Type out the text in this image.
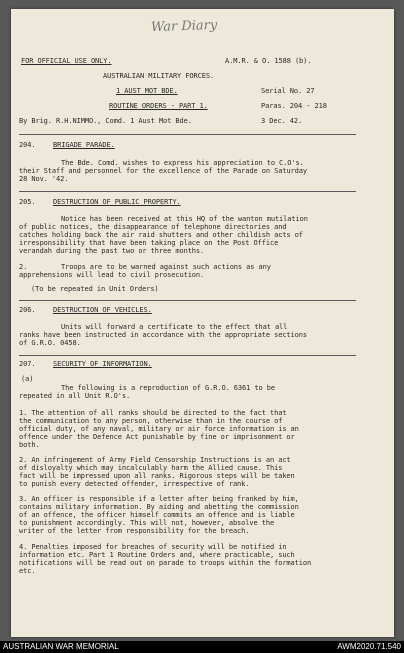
War Diary
FOR OFFICIAL USE ONLY.	A.M.R. & O. 1588 (b).
AUSTRALIAN MILITARY FORCES.
1 AUST MOT BDE.	Serial No. 27
ROUTINE ORDERS - PART 1.	Paras. 204 - 218
By Brig. R.H.NIMMO., Comd. 1 Aust Mot Bde.	3 Dec. 42.
204.	BRIGADE PARADE.
The Bde. Comd. wishes to express his appreciation to C.O's.
their Staff and personnel for the excellence of the Parade on Saturday
28 Nov. '42.
205.	DESTRUCTION OF PUBLIC PROPERTY.
Notice has been received at this HQ of the wanton mutilation
of public notices, the disappearance of telephone directories and
catches holding back the air raid shutters and other childish acts of
irresponsibility that have been taking place on the Post Office
verandah during the past two or three months.
2.	Troops are to be warned against such actions as any
apprehensions will lead to civil prosecution.
(To be repeated in Unit Orders)
206.	DESTRUCTION OF VEHICLES.
Units will forward a certificate to the effect that all
ranks have been instructed in accordance with the appropriate sections
of G.R.O. 0458.
207.	SECURITY OF INFORMATION.
(a)
The following is a reproduction of G.R.O. 6361 to be
repeated in all Unit R.O's.
1. The attention of all ranks should be directed to the fact that
the communication to any person, otherwise than in the course of
official duty, of any naval, military or air force information is an
offence under the Defence Act punishable by fine or imprisonment or
both.
2. An infringement of Army Field Censorship Instructions is an act
of disloyalty which may incalculably harm the Allied cause. This
fact will be impressed upon all ranks. Rigorous steps will be taken
to punish every detected offender, irrespective of rank.
3. An officer is responsible if a letter after being franked by him,
contains military information. By aiding and abetting the commission
of an offence, the officer himself commits an offence and is liable
to punishment accordingly. This will not, however, absolve the
writer of the letter from responsibility for the breach.
4. Penalties imposed for breaches of security will be notified in
information etc. Part 1 Routine Orders and, where practicable, such
notifications will be read out on parade to troops within the formation
etc.
AUSTRALIAN WAR MEMORIAL	AWM2020.71.540
